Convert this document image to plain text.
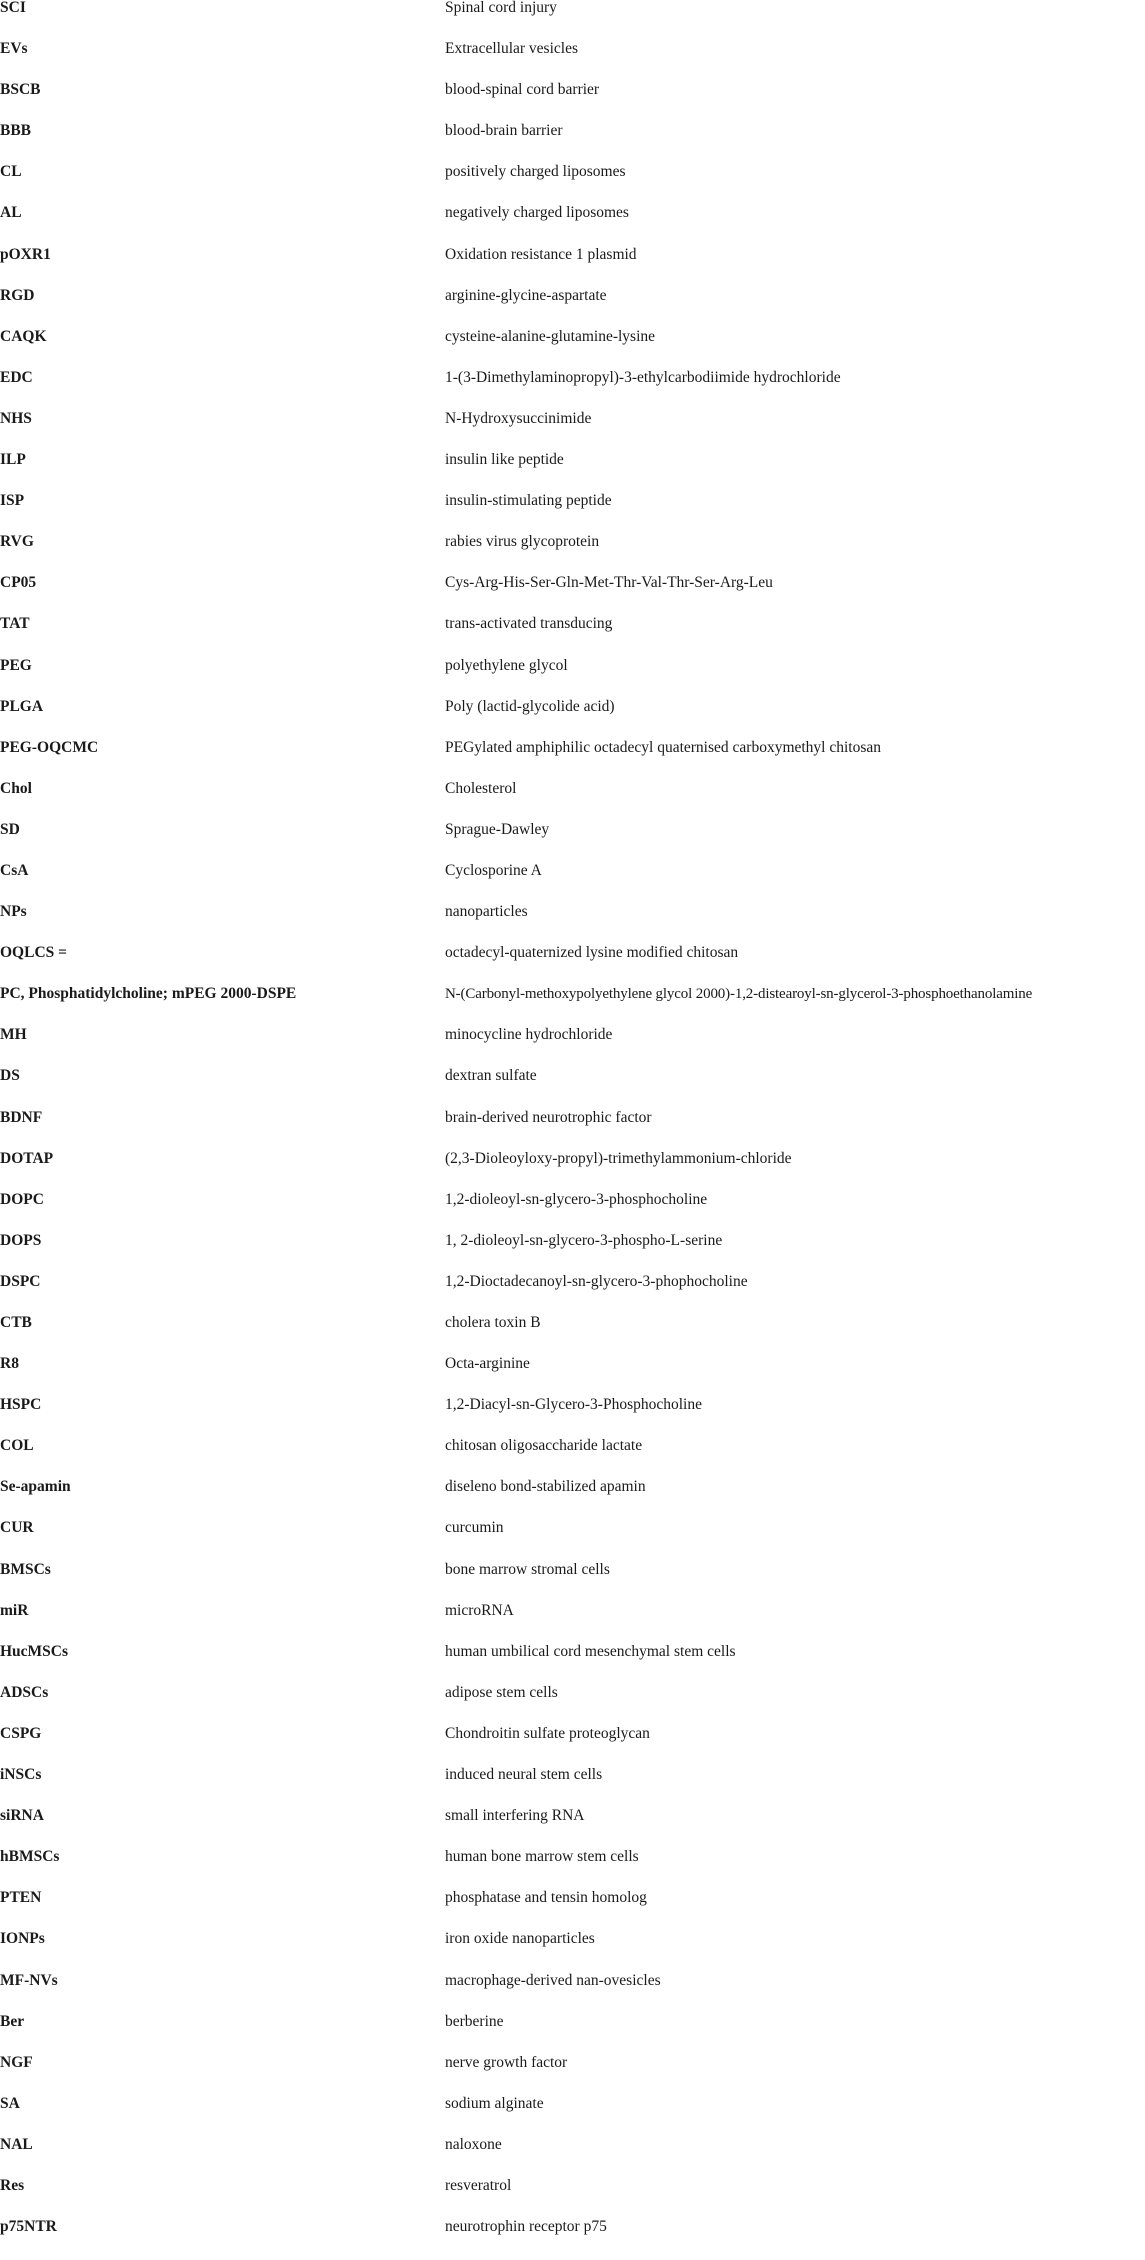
SCI	Spinal cord injury
EVs	Extracellular vesicles
BSCB	blood-spinal cord barrier
BBB	blood-brain barrier
CL	positively charged liposomes
AL	negatively charged liposomes
pOXR1	Oxidation resistance 1 plasmid
RGD	arginine-glycine-aspartate
CAQK	cysteine-alanine-glutamine-lysine
EDC	1-(3-Dimethylaminopropyl)-3-ethylcarbodiimide hydrochloride
NHS	N-Hydroxysuccinimide
ILP	insulin like peptide
ISP	insulin-stimulating peptide
RVG	rabies virus glycoprotein
CP05	Cys-Arg-His-Ser-Gln-Met-Thr-Val-Thr-Ser-Arg-Leu
TAT	trans-activated transducing
PEG	polyethylene glycol
PLGA	Poly (lactid-glycolide acid)
PEG-OQCMC	PEGylated amphiphilic octadecyl quaternised carboxymethyl chitosan
Chol	Cholesterol
SD	Sprague-Dawley
CsA	Cyclosporine A
NPs	nanoparticles
OQLCS =	octadecyl-quaternized lysine modified chitosan
PC, Phosphatidylcholine; mPEG 2000-DSPE	N-(Carbonyl-methoxypolyethylene glycol 2000)-1,2-distearoyl-sn-glycerol-3-phosphoethanolamine
MH	minocycline hydrochloride
DS	dextran sulfate
BDNF	brain-derived neurotrophic factor
DOTAP	(2,3-Dioleoyloxy-propyl)-trimethylammonium-chloride
DOPC	1,2-dioleoyl-sn-glycero-3-phosphocholine
DOPS	1, 2-dioleoyl-sn-glycero-3-phospho-L-serine
DSPC	1,2-Dioctadecanoyl-sn-glycero-3-phophocholine
CTB	cholera toxin B
R8	Octa-arginine
HSPC	1,2-Diacyl-sn-Glycero-3-Phosphocholine
COL	chitosan oligosaccharide lactate
Se-apamin	diseleno bond-stabilized apamin
CUR	curcumin
BMSCs	bone marrow stromal cells
miR	microRNA
HucMSCs	human umbilical cord mesenchymal stem cells
ADSCs	adipose stem cells
CSPG	Chondroitin sulfate proteoglycan
iNSCs	induced neural stem cells
siRNA	small interfering RNA
hBMSCs	human bone marrow stem cells
PTEN	phosphatase and tensin homolog
IONPs	iron oxide nanoparticles
MF-NVs	macrophage-derived nan-ovesicles
Ber	berberine
NGF	nerve growth factor
SA	sodium alginate
NAL	naloxone
Res	resveratrol
p75NTR	neurotrophin receptor p75
